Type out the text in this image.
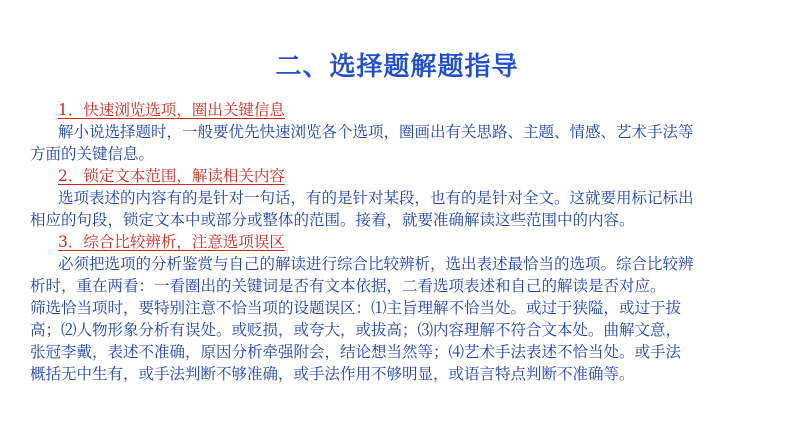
二、选择题解题指导
1．快速浏览选项，圈出关键信息
解小说选择题时，一般要优先快速浏览各个选项，圈画出有关思路、主题、情感、艺术手法等
方面的关键信息。
2．锁定文本范围，解读相关内容
选项表述的内容有的是针对一句话，有的是针对某段，也有的是针对全文。这就要用标记标出
相应的句段，锁定文本中或部分或整体的范围。接着，就要准确解读这些范围中的内容。
3．综合比较辨析，注意选项误区
必须把选项的分析鉴赏与自己的解读进行综合比较辨析，选出表述最恰当的选项。综合比较辨
析时，重在两看：一看圈出的关键词是否有文本依据，二看选项表述和自己的解读是否对应。
筛选恰当项时，要特别注意不恰当项的设题误区：⑴主旨理解不恰当处。或过于狭隘，或过于拔
高；⑵人物形象分析有误处。或贬损，或夸大，或拔高；⑶内容理解不符合文本处。曲解文意，
张冠李戴，表述不准确，原因分析牵强附会，结论想当然等；⑷艺术手法表述不恰当处。或手法
概括无中生有，或手法判断不够准确，或手法作用不够明显，或语言特点判断不准确等。
